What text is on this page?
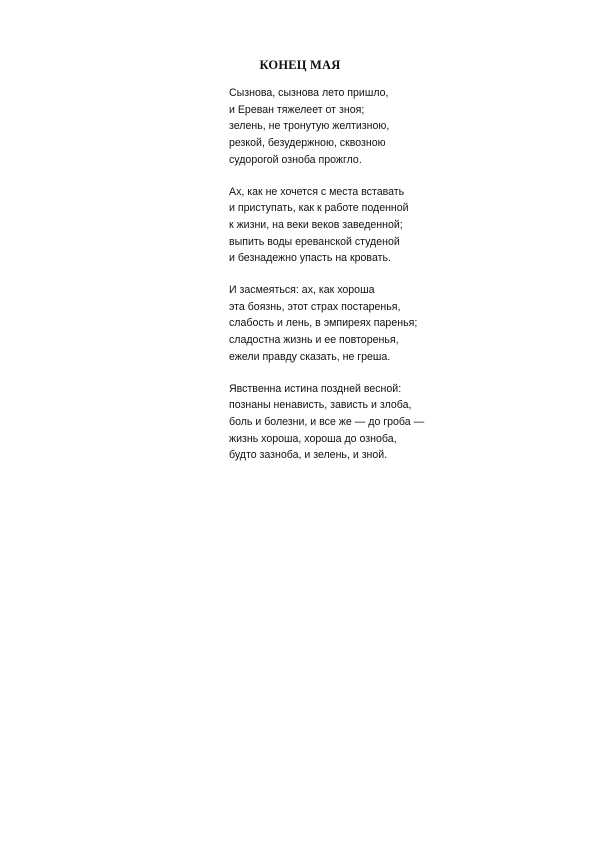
КОНЕЦ МАЯ
Сызнова, сызнова лето пришло,
и Ереван тяжелеет от зноя;
зелень, не тронутую желтизною,
резкой, безудержною, сквозною
судорогой озноба прожгло.
Ах, как не хочется с места вставать
и приступать, как к работе поденной
к жизни, на веки веков заведенной;
выпить воды ереванской студеной
и безнадежно упасть на кровать.
И засмеяться: ах, как хороша
эта боязнь, этот страх постаренья,
слабость и лень, в эмпиреях паренья;
сладостна жизнь и ее повторенья,
ежели правду сказать, не греша.
Явственна истина поздней весной:
познаны ненависть, зависть и злоба,
боль и болезни, и все же — до гроба —
жизнь хороша, хороша до озноба,
будто зазноба, и зелень, и зной.
